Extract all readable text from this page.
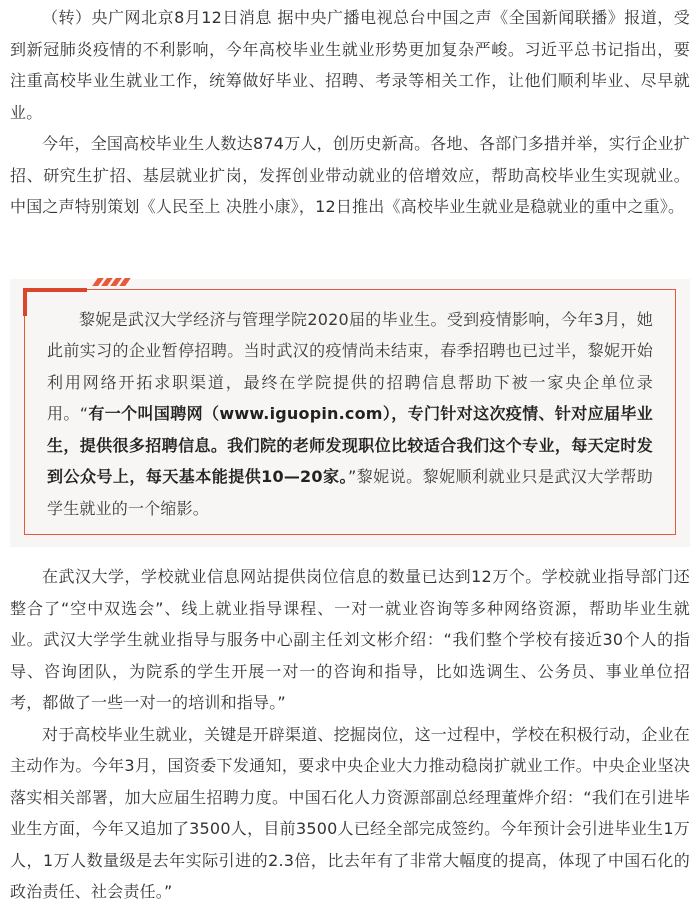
（转）央广网北京8月12日消息 据中央广播电视总台中国之声《全国新闻联播》报道，受到新冠肺炎疫情的不利影响，今年高校毕业生就业形势更加复杂严峻。习近平总书记指出，要注重高校毕业生就业工作，统筹做好毕业、招聘、考录等相关工作，让他们顺利毕业、尽早就业。

今年，全国高校毕业生人数达874万人，创历史新高。各地、各部门多措并举，实行企业扩招、研究生扩招、基层就业扩岗，发挥创业带动就业的倍增效应，帮助高校毕业生实现就业。中国之声特别策划《人民至上 决胜小康》，12日推出《高校毕业生就业是稳就业的重中之重》。

黎妮是武汉大学经济与管理学院2020届的毕业生。受到疫情影响，今年3月，她此前实习的企业暂停招聘。当时武汉的疫情尚未结束，春季招聘也已过半，黎妮开始利用网络开拓求职渠道，最终在学院提供的招聘信息帮助下被一家央企单位录用。“有一个叫国聘网（www.iguopin.com），专门针对这次疫情、针对应届毕业生，提供很多招聘信息。我们院的老师发现职位比较适合我们这个专业，每天定时发到公众号上，每天基本能提供10—20家。”黎妮说。黎妮顺利就业只是武汉大学帮助学生就业的一个缩影。

在武汉大学，学校就业信息网站提供岗位信息的数量已达到12万个。学校就业指导部门还整合了“空中双选会”、线上就业指导课程、一对一就业咨询等多种网络资源，帮助毕业生就业。武汉大学学生就业指导与服务中心副主任刘文彬介绍：“我们整个学校有接近30个人的指导、咨询团队，为院系的学生开展一对一的咨询和指导，比如选调生、公务员、事业单位招考，都做了一些一对一的培训和指导。”

对于高校毕业生就业，关键是开辟渠道、挖掘岗位，这一过程中，学校在积极行动，企业在主动作为。今年3月，国资委下发通知，要求中央企业大力推动稳岗扩就业工作。中央企业坚决落实相关部署，加大应届生招聘力度。中国石化人力资源部副总经理董烨介绍：“我们在引进毕业生方面，今年又追加了3500人，目前3500人已经全部完成签约。今年预计会引进毕业生1万人，1万人数量级是去年实际引进的2.3倍，比去年有了非常大幅度的提高，体现了中国石化的政治责任、社会责任。”
